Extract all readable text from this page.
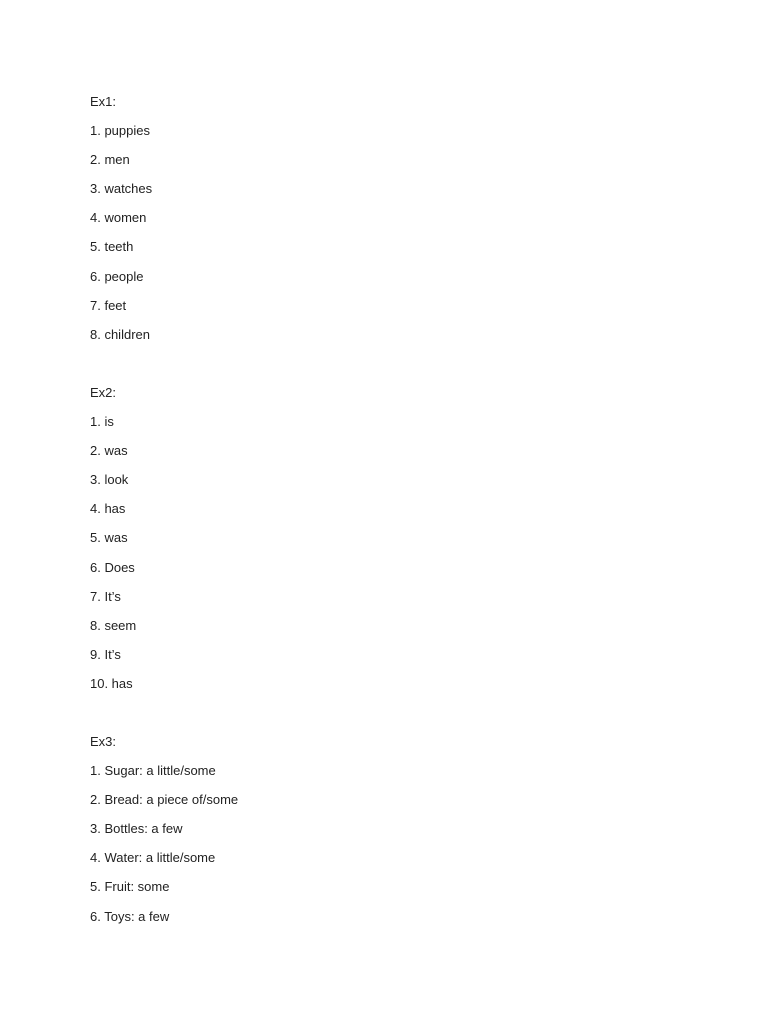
Ex1:
1. puppies
2. men
3. watches
4. women
5. teeth
6. people
7. feet
8. children
Ex2:
1. is
2. was
3. look
4. has
5. was
6. Does
7. It’s
8. seem
9. It’s
10. has
Ex3:
1. Sugar: a little/some
2. Bread: a piece of/some
3. Bottles: a few
4. Water: a little/some
5. Fruit: some
6. Toys: a few
